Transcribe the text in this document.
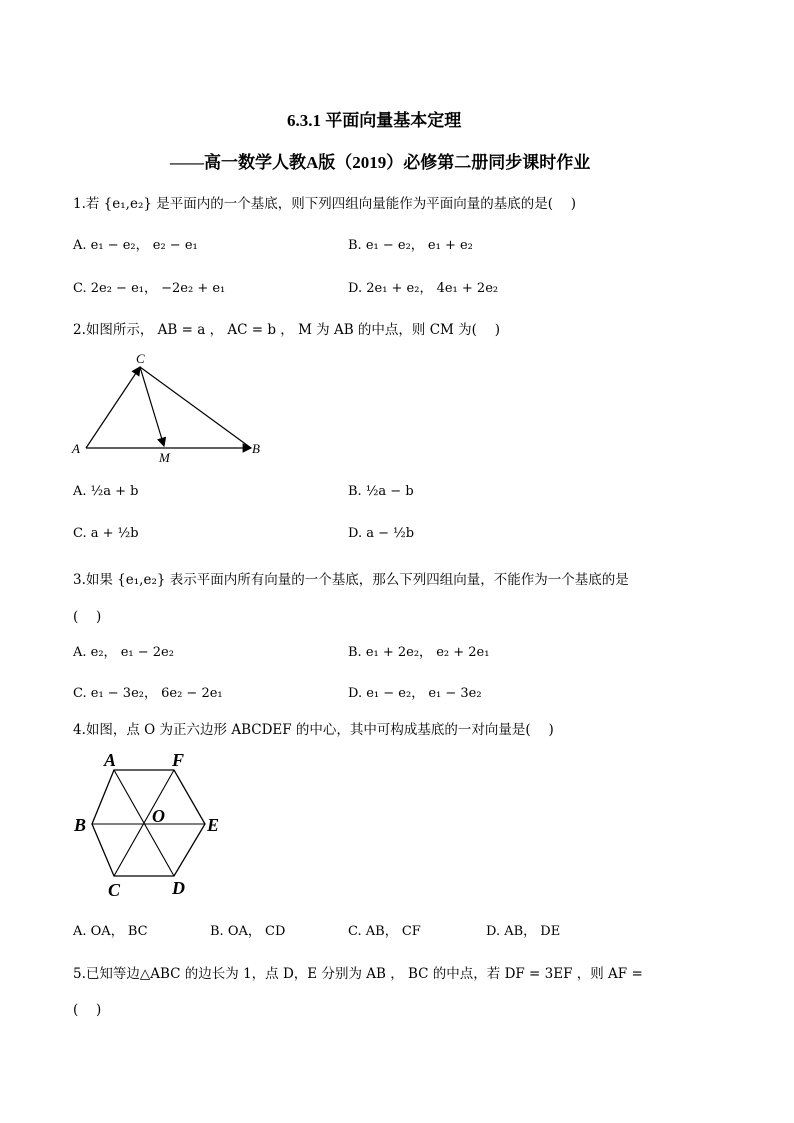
6.3.1 平面向量基本定理
——高一数学人教A版（2019）必修第二册同步课时作业
1.若 {e₁,e₂} 是平面内的一个基底，则下列四组向量能作为平面向量的基底的是(　 )
A. e₁ − e₂， e₂ − e₁	B. e₁ − e₂， e₁ + e₂
C. 2e₂ − e₁， −2e₂ + e₁	D. 2e₁ + e₂， 4e₁ + 2e₂
2.如图所示， AB = a ， AC = b ， M 为 AB 的中点，则 CM 为(　 )
C
A
M
B
A. ½a + b	B. ½a − b
C. a + ½b	D. a − ½b
3.如果 {e₁,e₂} 表示平面内所有向量的一个基底，那么下列四组向量，不能作为一个基底的是
(　 )
A. e₂， e₁ − 2e₂	B. e₁ + 2e₂， e₂ + 2e₁
C. e₁ − 3e₂， 6e₂ − 2e₁	D. e₁ − e₂， e₁ − 3e₂
4.如图，点 O 为正六边形 ABCDEF 的中心，其中可构成基底的一对向量是(　 )
A	F
B	O E
C	D
A. OA， BC	B. OA， CD	C. AB， CF	D. AB， DE
5.已知等边△ABC 的边长为 1，点 D，E 分别为 AB ， BC 的中点，若 DF = 3EF ，则 AF =
(　 )
